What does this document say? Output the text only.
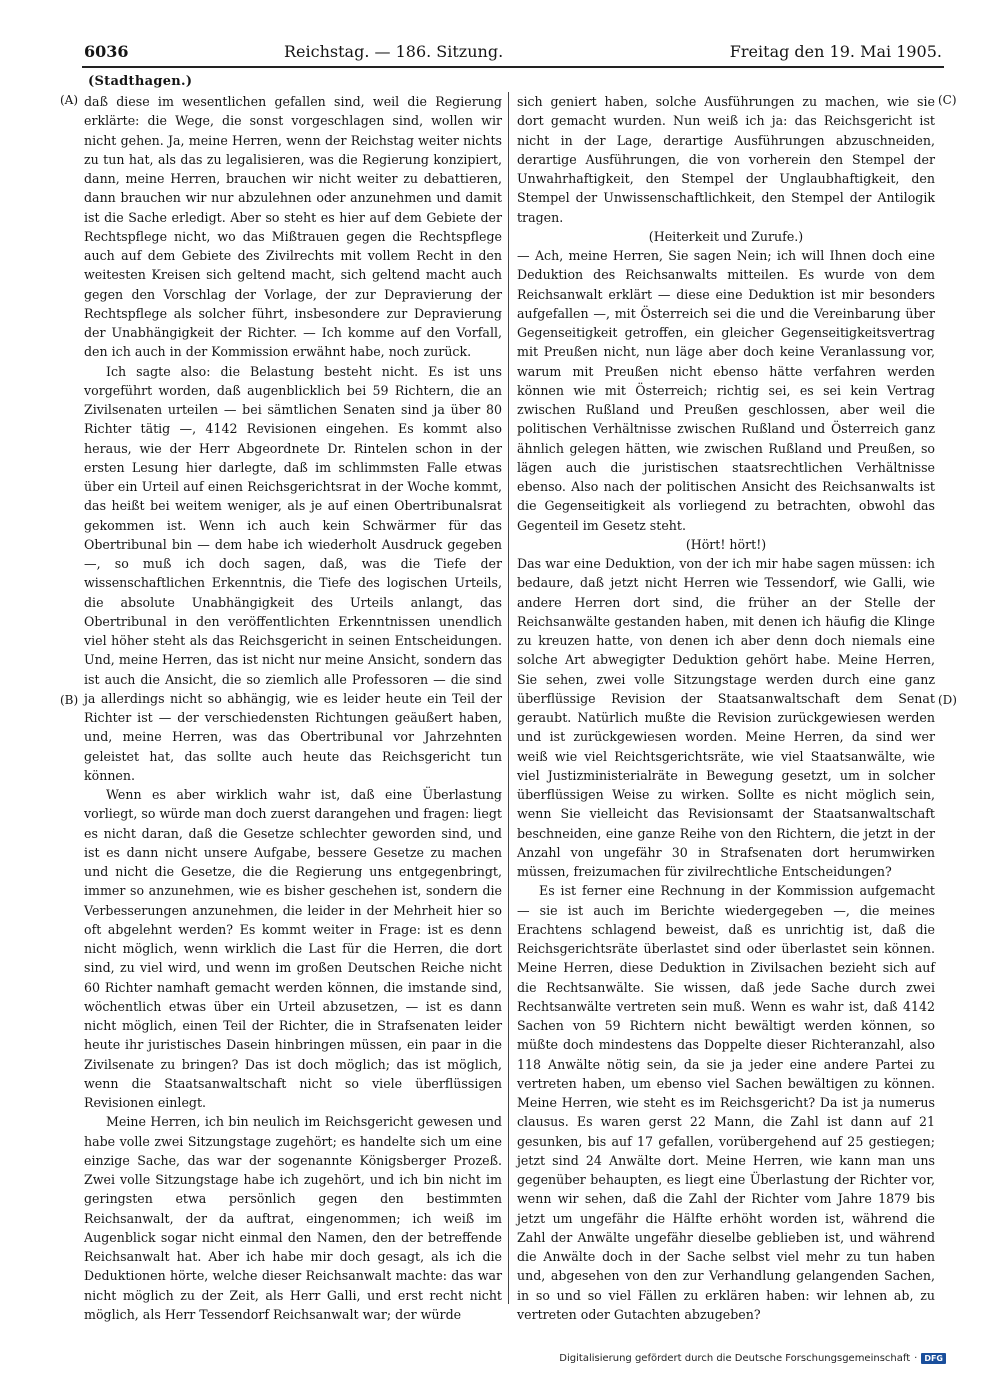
6036	Reichstag. — 186. Sitzung.	Freitag den 19. Mai 1905.
(Stadthagen.)
(A)
(B)
(C)
(D)

daß diese im wesentlichen gefallen sind, weil die Regierung erklärte: die Wege, die sonst vorgeschlagen sind, wollen wir nicht gehen. Ja, meine Herren, wenn der Reichstag weiter nichts zu tun hat, als das zu legalisieren, was die Regierung konzipiert, dann, meine Herren, brauchen wir nicht weiter zu debattieren, dann brauchen wir nur abzulehnen oder anzunehmen und damit ist die Sache erledigt. Aber so steht es hier auf dem Gebiete der Rechtspflege nicht, wo das Mißtrauen gegen die Rechtspflege auch auf dem Gebiete des Zivilrechts mit vollem Recht in den weitesten Kreisen sich geltend macht, sich geltend macht auch gegen den Vorschlag der Vorlage, der zur Depravierung der Rechtspflege als solcher führt, insbesondere zur Depravierung der Unabhängigkeit der Richter. — Ich komme auf den Vorfall, den ich auch in der Kommission erwähnt habe, noch zurück.

Ich sagte also: die Belastung besteht nicht. Es ist uns vorgeführt worden, daß augenblicklich bei 59 Richtern, die an Zivilsenaten urteilen — bei sämtlichen Senaten sind ja über 80 Richter tätig —, 4142 Revisionen eingehen. Es kommt also heraus, wie der Herr Abgeordnete Dr. Rintelen schon in der ersten Lesung hier darlegte, daß im schlimmsten Falle etwas über ein Urteil auf einen Reichsgerichtsrat in der Woche kommt, das heißt bei weitem weniger, als je auf einen Obertribunalsrat gekommen ist. Wenn ich auch kein Schwärmer für das Obertribunal bin — dem habe ich wiederholt Ausdruck gegeben —, so muß ich doch sagen, daß, was die Tiefe der wissenschaftlichen Erkenntnis, die Tiefe des logischen Urteils, die absolute Unabhängigkeit des Urteils anlangt, das Obertribunal in den veröffentlichten Erkenntnissen unendlich viel höher steht als das Reichsgericht in seinen Entscheidungen. Und, meine Herren, das ist nicht nur meine Ansicht, sondern das ist auch die Ansicht, die so ziemlich alle Professoren — die sind ja allerdings nicht so abhängig, wie es leider heute ein Teil der Richter ist — der verschiedensten Richtungen geäußert haben, und, meine Herren, was das Obertribunal vor Jahrzehnten geleistet hat, das sollte auch heute das Reichsgericht tun können.

Wenn es aber wirklich wahr ist, daß eine Überlastung vorliegt, so würde man doch zuerst darangehen und fragen: liegt es nicht daran, daß die Gesetze schlechter geworden sind, und ist es dann nicht unsere Aufgabe, bessere Gesetze zu machen und nicht die Gesetze, die die Regierung uns entgegenbringt, immer so anzunehmen, wie es bisher geschehen ist, sondern die Verbesserungen anzunehmen, die leider in der Mehrheit hier so oft abgelehnt werden? Es kommt weiter in Frage: ist es denn nicht möglich, wenn wirklich die Last für die Herren, die dort sind, zu viel wird, und wenn im großen Deutschen Reiche nicht 60 Richter namhaft gemacht werden können, die imstande sind, wöchentlich etwas über ein Urteil abzusetzen, — ist es dann nicht möglich, einen Teil der Richter, die in Strafsenaten leider heute ihr juristisches Dasein hinbringen müssen, ein paar in die Zivilsenate zu bringen? Das ist doch möglich; das ist möglich, wenn die Staatsanwaltschaft nicht so viele überflüssigen Revisionen einlegt.

Meine Herren, ich bin neulich im Reichsgericht gewesen und habe volle zwei Sitzungstage zugehört; es handelte sich um eine einzige Sache, das war der sogenannte Königsberger Prozeß. Zwei volle Sitzungstage habe ich zugehört, und ich bin nicht im geringsten etwa persönlich gegen den bestimmten Reichsanwalt, der da auftrat, eingenommen; ich weiß im Augenblick sogar nicht einmal den Namen, den der betreffende Reichsanwalt hat. Aber ich habe mir doch gesagt, als ich die Deduktionen hörte, welche dieser Reichsanwalt machte: das war nicht möglich zu der Zeit, als Herr Galli, und erst recht nicht möglich, als Herr Tessendorf Reichsanwalt war; der würde

sich geniert haben, solche Ausführungen zu machen, wie sie dort gemacht wurden. Nun weiß ich ja: das Reichsgericht ist nicht in der Lage, derartige Ausführungen abzuschneiden, derartige Ausführungen, die von vorherein den Stempel der Unwahrhaftigkeit, den Stempel der Unglaubhaftigkeit, den Stempel der Unwissenschaftlichkeit, den Stempel der Antilogik tragen.

(Heiterkeit und Zurufe.)

— Ach, meine Herren, Sie sagen Nein; ich will Ihnen doch eine Deduktion des Reichsanwalts mitteilen. Es wurde von dem Reichsanwalt erklärt — diese eine Deduktion ist mir besonders aufgefallen —, mit Österreich sei die und die Vereinbarung über Gegenseitigkeit getroffen, ein gleicher Gegenseitigkeitsvertrag mit Preußen nicht, nun läge aber doch keine Veranlassung vor, warum mit Preußen nicht ebenso hätte verfahren werden können wie mit Österreich; richtig sei, es sei kein Vertrag zwischen Rußland und Preußen geschlossen, aber weil die politischen Verhältnisse zwischen Rußland und Österreich ganz ähnlich gelegen hätten, wie zwischen Rußland und Preußen, so lägen auch die juristischen staatsrechtlichen Verhältnisse ebenso. Also nach der politischen Ansicht des Reichsanwalts ist die Gegenseitigkeit als vorliegend zu betrachten, obwohl das Gegenteil im Gesetz steht.

(Hört! hört!)

Das war eine Deduktion, von der ich mir habe sagen müssen: ich bedaure, daß jetzt nicht Herren wie Tessendorf, wie Galli, wie andere Herren dort sind, die früher an der Stelle der Reichsanwälte gestanden haben, mit denen ich häufig die Klinge zu kreuzen hatte, von denen ich aber denn doch niemals eine solche Art abwegigter Deduktion gehört habe. Meine Herren, Sie sehen, zwei volle Sitzungstage werden durch eine ganz überflüssige Revision der Staatsanwaltschaft dem Senat geraubt. Natürlich mußte die Revision zurückgewiesen werden und ist zurückgewiesen worden. Meine Herren, da sind wer weiß wie viel Reichtsgerichtsräte, wie viel Staatsanwälte, wie viel Justizministerialräte in Bewegung gesetzt, um in solcher überflüssigen Weise zu wirken. Sollte es nicht möglich sein, wenn Sie vielleicht das Revisionsamt der Staatsanwaltschaft beschneiden, eine ganze Reihe von den Richtern, die jetzt in der Anzahl von ungefähr 30 in Strafsenaten dort herumwirken müssen, freizumachen für zivilrechtliche Entscheidungen?

Es ist ferner eine Rechnung in der Kommission aufgemacht — sie ist auch im Berichte wiedergegeben —, die meines Erachtens schlagend beweist, daß es unrichtig ist, daß die Reichsgerichtsräte überlastet sind oder überlastet sein können. Meine Herren, diese Deduktion in Zivilsachen bezieht sich auf die Rechtsanwälte. Sie wissen, daß jede Sache durch zwei Rechtsanwälte vertreten sein muß. Wenn es wahr ist, daß 4142 Sachen von 59 Richtern nicht bewältigt werden können, so müßte doch mindestens das Doppelte dieser Richteranzahl, also 118 Anwälte nötig sein, da sie ja jeder eine andere Partei zu vertreten haben, um ebenso viel Sachen bewältigen zu können. Meine Herren, wie steht es im Reichsgericht? Da ist ja numerus clausus. Es waren gerst 22 Mann, die Zahl ist dann auf 21 gesunken, bis auf 17 gefallen, vorübergehend auf 25 gestiegen; jetzt sind 24 Anwälte dort. Meine Herren, wie kann man uns gegenüber behaupten, es liegt eine Überlastung der Richter vor, wenn wir sehen, daß die Zahl der Richter vom Jahre 1879 bis jetzt um ungefähr die Hälfte erhöht worden ist, während die Zahl der Anwälte ungefähr dieselbe geblieben ist, und während die Anwälte doch in der Sache selbst viel mehr zu tun haben und, abgesehen von den zur Verhandlung gelangenden Sachen, in so und so viel Fällen zu erklären haben: wir lehnen ab, zu vertreten oder Gutachten abzugeben?

Digitalisierung gefördert durch die Deutsche Forschungsgemeinschaft · DFG
